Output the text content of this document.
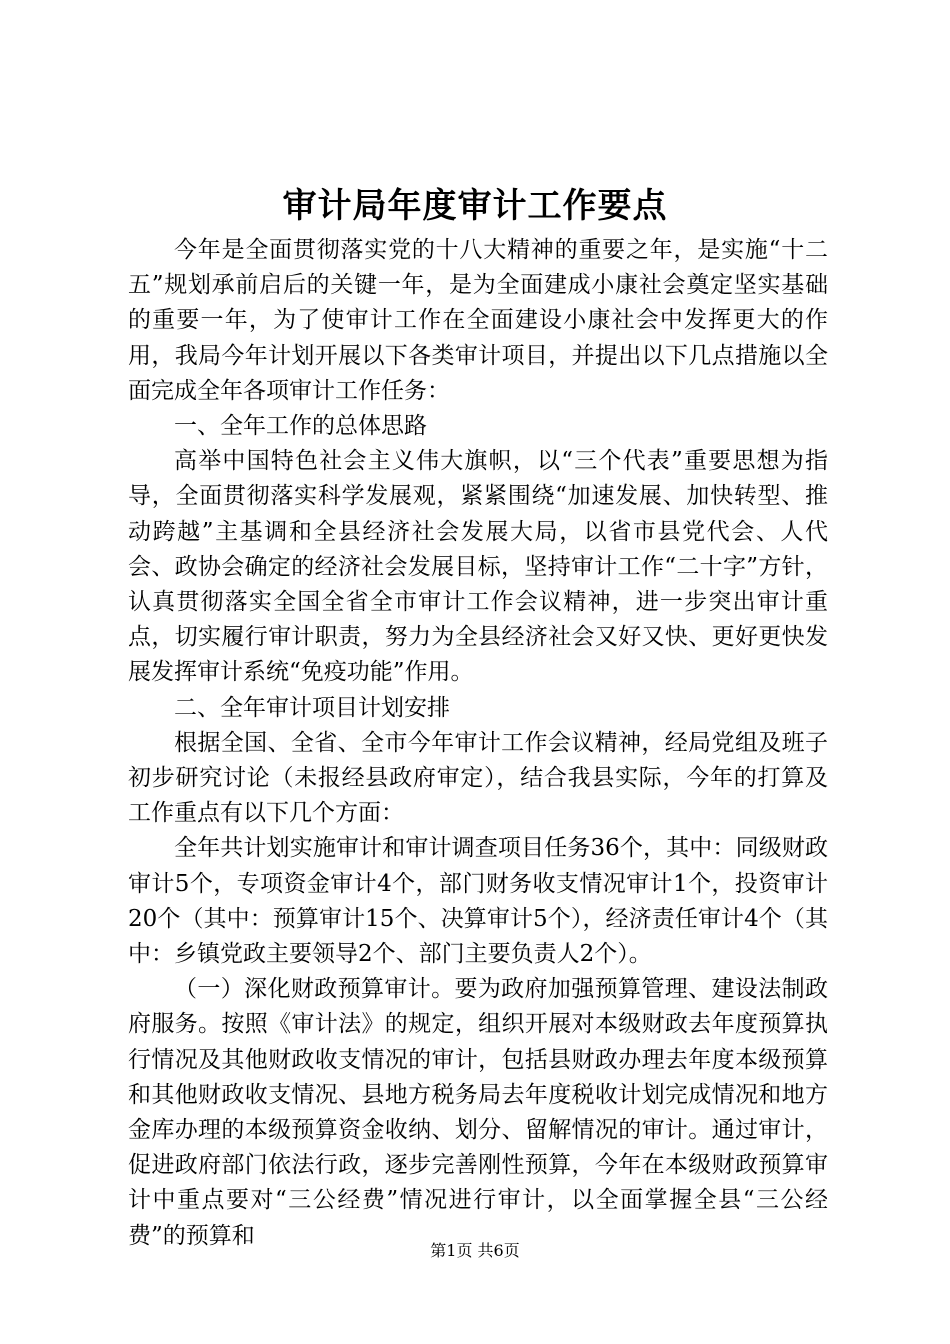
审计局年度审计工作要点

今年是全面贯彻落实党的十八大精神的重要之年，是实施“十二五”规划承前启后的关键一年，是为全面建成小康社会奠定坚实基础的重要一年，为了使审计工作在全面建设小康社会中发挥更大的作用，我局今年计划开展以下各类审计项目，并提出以下几点措施以全面完成全年各项审计工作任务：

一、全年工作的总体思路

高举中国特色社会主义伟大旗帜，以“三个代表”重要思想为指导，全面贯彻落实科学发展观，紧紧围绕“加速发展、加快转型、推动跨越”主基调和全县经济社会发展大局，以省市县党代会、人代会、政协会确定的经济社会发展目标，坚持审计工作“二十字”方针，认真贯彻落实全国全省全市审计工作会议精神，进一步突出审计重点，切实履行审计职责，努力为全县经济社会又好又快、更好更快发展发挥审计系统“免疫功能”作用。

二、全年审计项目计划安排

根据全国、全省、全市今年审计工作会议精神，经局党组及班子初步研究讨论（未报经县政府审定），结合我县实际，今年的打算及工作重点有以下几个方面：

全年共计划实施审计和审计调查项目任务36个，其中：同级财政审计5个，专项资金审计4个，部门财务收支情况审计1个，投资审计20个（其中：预算审计15个、决算审计5个），经济责任审计4个（其中：乡镇党政主要领导2个、部门主要负责人2个）。

（一）深化财政预算审计。要为政府加强预算管理、建设法制政府服务。按照《审计法》的规定，组织开展对本级财政去年度预算执行情况及其他财政收支情况的审计，包括县财政办理去年度本级预算和其他财政收支情况、县地方税务局去年度税收计划完成情况和地方金库办理的本级预算资金收纳、划分、留解情况的审计。通过审计，促进政府部门依法行政，逐步完善刚性预算，今年在本级财政预算审计中重点要对“三公经费”情况进行审计，以全面掌握全县“三公经费”的预算和

第1页 共6页
